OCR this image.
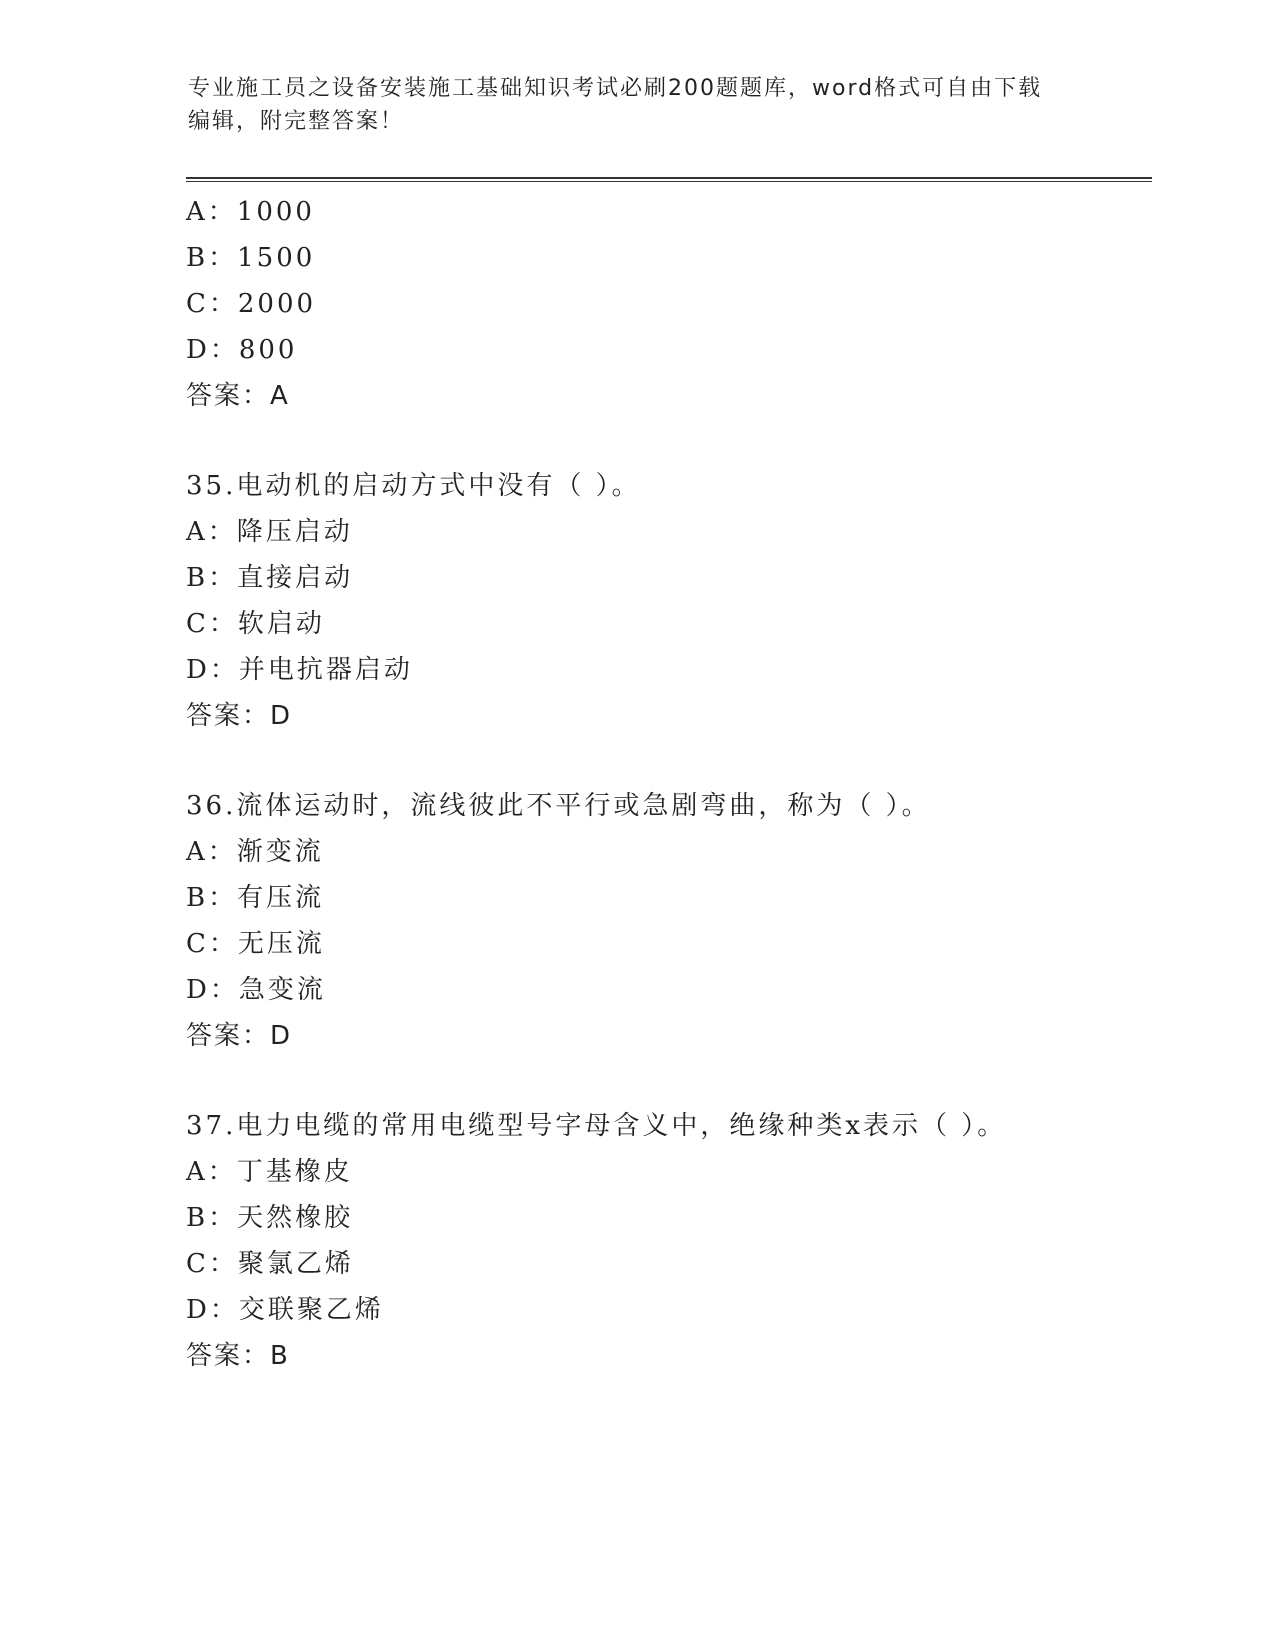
专业施工员之设备安装施工基础知识考试必刷200题题库，word格式可自由下载
编辑，附完整答案！
A：1000
B：1500
C：2000
D：800
答案：A
35.电动机的启动方式中没有（ ）。
A：降压启动
B：直接启动
C：软启动
D：并电抗器启动
答案：D
36.流体运动时，流线彼此不平行或急剧弯曲，称为（ ）。
A：渐变流
B：有压流
C：无压流
D：急变流
答案：D
37.电力电缆的常用电缆型号字母含义中，绝缘种类x表示（ ）。
A：丁基橡皮
B：天然橡胶
C：聚氯乙烯
D：交联聚乙烯
答案：B
